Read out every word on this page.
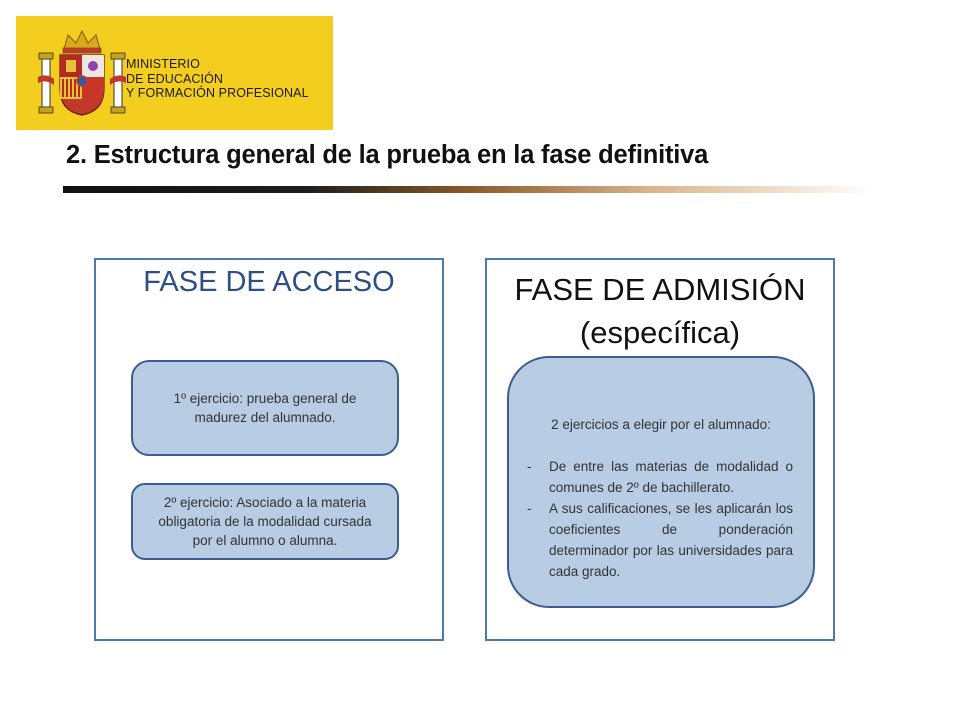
MINISTERIO
DE EDUCACIÓN
Y FORMACIÓN PROFESIONAL
2. Estructura general de la prueba en la fase definitiva
FASE DE ACCESO
1º ejercicio: prueba general de madurez del alumnado.
2º ejercicio: Asociado a la materia obligatoria de la modalidad cursada por el alumno o alumna.
FASE DE ADMISIÓN
(específica)
2 ejercicios a elegir por el alumnado:
- De entre las materias de modalidad o comunes de 2º de bachillerato.
- A sus calificaciones, se les aplicarán los coeficientes de ponderación determinador por las universidades para cada grado.
